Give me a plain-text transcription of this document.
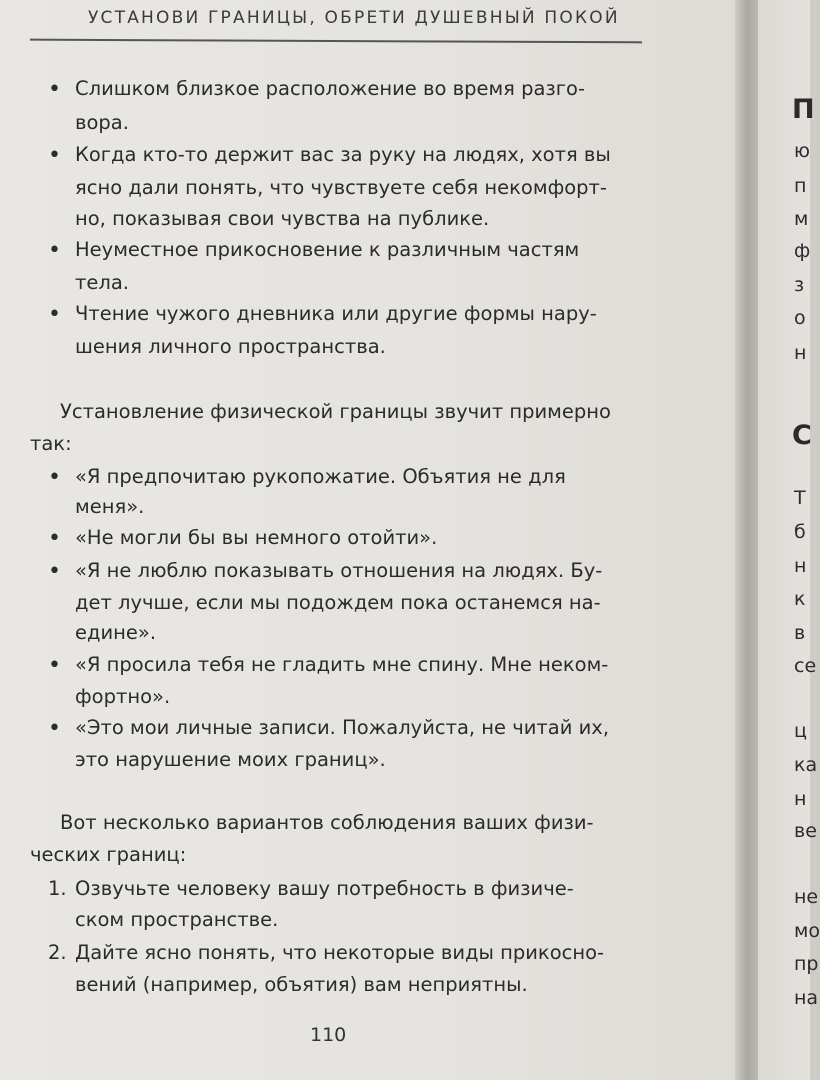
УСТАНОВИ ГРАНИЦЫ, ОБРЕТИ ДУШЕВНЫЙ ПОКОЙ
• Слишком близкое расположение во время разго-
вора.
• Когда кто-то держит вас за руку на людях, хотя вы
ясно дали понять, что чувствуете себя некомфорт-
но, показывая свои чувства на публике.
• Неуместное прикосновение к различным частям
тела.
• Чтение чужого дневника или другие формы нару-
шения личного пространства.
Установление физической границы звучит примерно
так:
• «Я предпочитаю рукопожатие. Объятия не для
меня».
• «Не могли бы вы немного отойти».
• «Я не люблю показывать отношения на людях. Бу-
дет лучше, если мы подождем пока останемся на-
едине».
• «Я просила тебя не гладить мне спину. Мне неком-
фортно».
• «Это мои личные записи. Пожалуйста, не читай их,
это нарушение моих границ».
Вот несколько вариантов соблюдения ваших физи-
ческих границ:
1. Озвучьте человеку вашу потребность в физиче-
ском пространстве.
2. Дайте ясно понять, что некоторые виды прикосно-
вений (например, объятия) вам неприятны.
110
П
ю
п
м
ф
з
о
н
С
Т
б
н
к
в
се
ц
ка
н
ве
не
мо
пр
на
